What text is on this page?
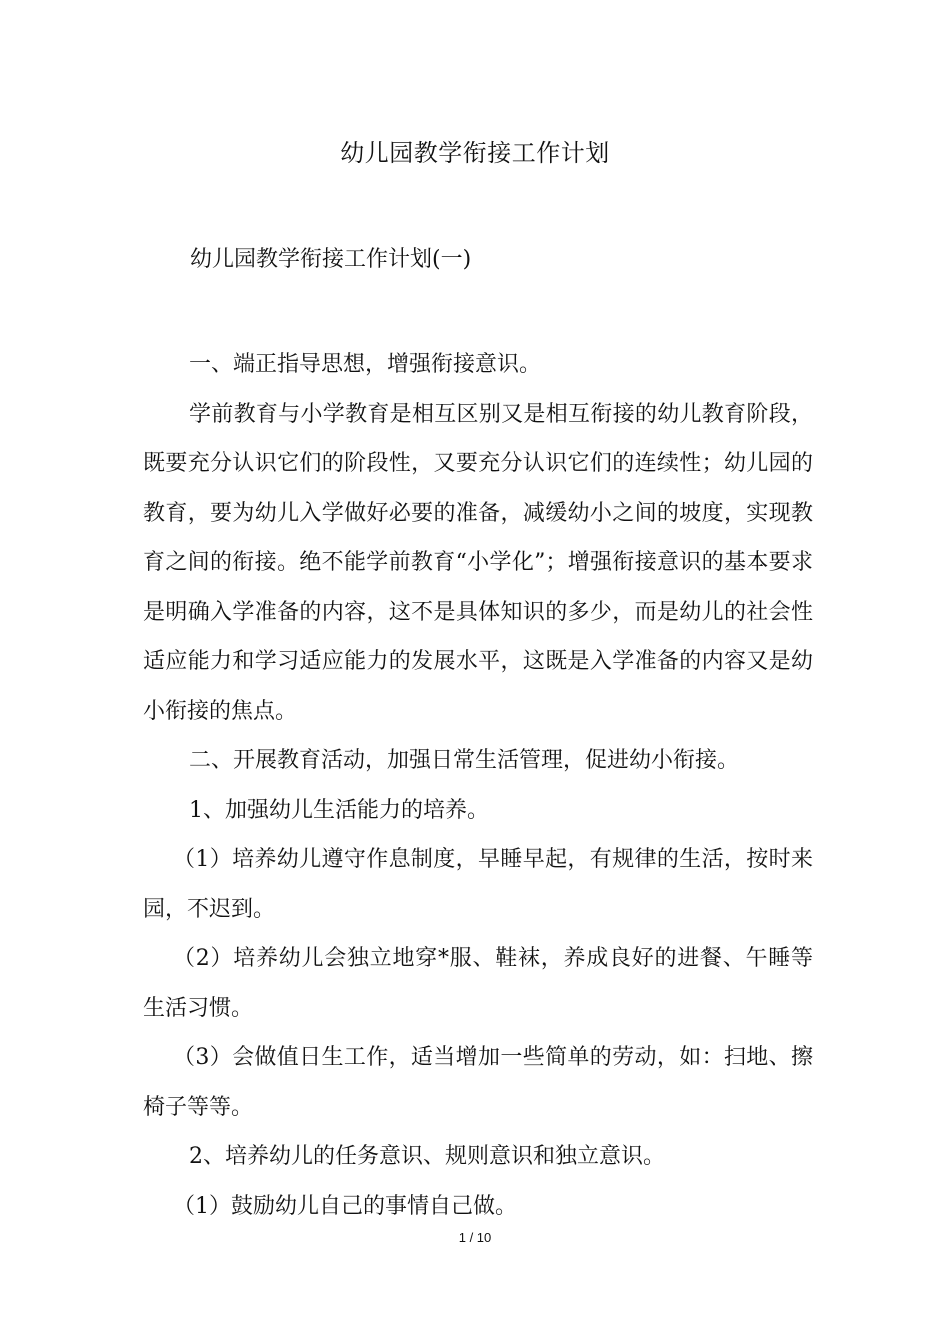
幼儿园教学衔接工作计划

幼儿园教学衔接工作计划(一)

一、端正指导思想，增强衔接意识。

学前教育与小学教育是相互区别又是相互衔接的幼儿教育阶段，既要充分认识它们的阶段性，又要充分认识它们的连续性；幼儿园的教育，要为幼儿入学做好必要的准备，减缓幼小之间的坡度，实现教育之间的衔接。绝不能学前教育“小学化”；增强衔接意识的基本要求是明确入学准备的内容，这不是具体知识的多少，而是幼儿的社会性适应能力和学习适应能力的发展水平，这既是入学准备的内容又是幼小衔接的焦点。

二、开展教育活动，加强日常生活管理，促进幼小衔接。

1、加强幼儿生活能力的培养。

（1）培养幼儿遵守作息制度，早睡早起，有规律的生活，按时来园，不迟到。

（2）培养幼儿会独立地穿*服、鞋袜，养成良好的进餐、午睡等生活习惯。

（3）会做值日生工作，适当增加一些简单的劳动，如：扫地、擦椅子等等。

2、培养幼儿的任务意识、规则意识和独立意识。

（1）鼓励幼儿自己的事情自己做。

1 / 10
